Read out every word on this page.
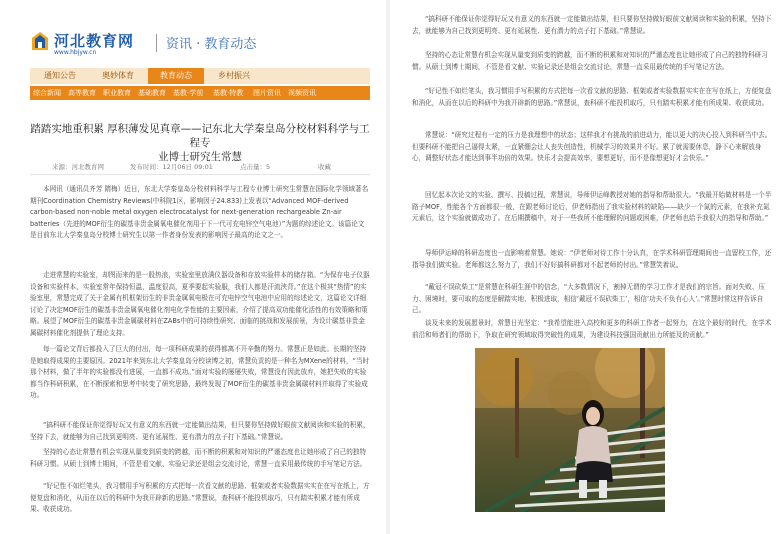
河北教育网
www.hbjyw.cn
资讯 · 教育动态
通知公告	奥妙体育	教育动态	乡村振兴
综合新闻 高等教育 职业教育 基础教育 基教·学前 基教·特教 图片资讯 视频资讯
踏踏实地重积累 厚积薄发见真章——记东北大学秦皇岛分校材料科学与工程专
业博士研究生常慧
来源：河北教育网	发布时间：12月06日 09:01	点击量：5	收藏

本网讯（通讯员齐芳 隋梅）近日，东北大学秦皇岛分校材料科学与工程专业博士研究生常慧在国际化学领域著名期刊Coordination Chemistry Reviews(中科院1区，影响因子24.833)上发表以“Advanced MOF-derived carbon-based non-noble metal oxygen electrocatalyst for next-generation rechargeable Zn-air batteries（先进的MOF衍生的碳基非贵金属氧电催化剂用于下一代可充电锌空气电池）”为题的综述论文。该篇论文是目前东北大学秦皇岛分校博士研究生以第一作者身份发表的影响因子最高的论文之一。

走进常慧的实验室，却图而来的是一股热浪，实验室里放满仪器设备和存放实验样本的储存箱。“为保存电子仪器设备和实验样本，实验室常年保持恒温，温度很高，夏季要起实验服，我们人都是汗流浃背。”在这个极其“热情”的实验室里，常慧完成了关于金属有机框架衍生的非贵金属氧电极在可充电锌空气电池中应用的综述论文，这篇论文详细讨论了决定MOF衍生的碳基非贵金属氧电催化剂电化学性能的主要因素，介绍了提高双功能催化活性的有效策略和策略。展望了MOF衍生的碳基非贵金属碳材料在ZABs中的可持续性研究、面临的挑战和发展前景，为设计碳基非贵金属碳材料催化剂提供了理论支持。

每一篇论文背后都投入了巨大的付出，每一项科研成果的获得都离不开辛勤的努力。常慧正是如此。长期的坚持是她取得成果的主要原因。2021年来到东北大学秦皇岛分校读博之初，常慧负责的是一种名为MXene的材料，“当时那个材料，做了半年的实验都没有进展，一直都不成功。”面对实验的屡屡失败，常慧没有因此放弃，她把失败的实验都当作科研积累，在不断探索和思考中转变了研究思路，最终发现了MOF衍生的碳基非贵金属碳材料并取得了实验成功。

“搞科研不能保证你觉得好玩又有意义的东西就一定能做出结果，但只要你坚持做好眼前文献阅读和实验的积累，坚持下去，就能够为自己找到更明亮、更有延展性、更有潜力的点子打下基础。”常慧说。

坚持的心态让常慧有机会实现从量变到质变的跨越，而不断的积累和对知识的严谨态度也让她形成了自己的独特科研习惯。从硕士到博士期间，不管是看文献、实验记录还是组会交流讨论，常慧一直采用最传统的手写笔记方法。

“好记性不如烂笔头，我习惯用手写积累的方式把每一次看文献的思路、框架或者实验数据实实在在写在纸上，方便复盘和消化，从而在以后的科研中为我开辟新的思路。”常慧说，查科研不能投机取巧，只有踏实积累才能有所成果、收获成功。

“搞科研不能保证你觉得好玩又有意义的东西就一定能做出结果，但只要你坚持做好眼前文献阅读和实验的积累，坚持下去，就能够为自己找到更明亮、更有延展性、更有潜力的点子打下基础。”常慧说。

坚持的心态让常慧有机会实现从量变到质变的跨越，而不断的积累和对知识的严谨态度也让她形成了自己的独特科研习惯。从硕士到博士期间，不管是看文献、实验记录还是组会交流讨论，常慧一直采用最传统的手写笔记方法。

“好记性不如烂笔头，我习惯用手写积累的方式把每一次看文献的思路、框架或者实验数据实实在在写在纸上，方便复盘和消化，从而在以后的科研中为我开辟新的思路。”常慧说，查科研不能投机取巧，只有踏实积累才能有所成果、收获成功。

常慧说：“研究过程有一定的压力是我理想中的状态；这样我才有挑战的前进动力，能以更大的决心投入到科研当中去。但要科研不能把自己逼得太紧，一直紧绷会让人丧失创造性，机械学习的效果并不好。累了就需要休息，静下心来解放身心，调整好状态才能达到事半功倍的效果。快乐才会提高效率，要想更好，而不是像想更好才会快乐。”

回忆起本次论文的实验、撰写、投稿过程，常慧说，导师伊运峰教授对她的指导和帮助很大。“我最开始做材料是一个半路子MOF，性能各个方面都很一般，在跟老师讨论后，伊老师指出了我实验材料的缺陷——缺少一个氮的元素，在我补充氮元素后，这个实验就做成功了。在后期撰稿中，对于一些我所不能理解的问题或困难，伊老师也给予我很大的指导和帮助。”

导师伊运峰的科研态度也一直影响着常慧。她说：“伊老师对待工作十分认真，在学术科研管理期间也一直留校工作，还指导我们做实验。老师都这么努力了，我们不好好搞科研都对不起老师的付出。”常慧笑着说。

“戴冠不误砍柴工”是常慧在科研生涯中的信念，“大多数情况下，割掉无谓的学习工作才是我们的宗旨。面对失败、压力、困境时，要可取的态度是解踏实地、积极进取，相信‘戴冠不误砍柴工’，相信‘功夫不负有心人’。”常慧时常这样告诉自己。

谈及未来的发展愿景时，常慧日光坚定：“我希望能进入高校和更多的科研工作者一起努力，在这个最好的时代，在学术前沿和师者们的帮助下，争取在研究领域取得突破性的成果，为建设科技强国贡献出力所能及的贡献。”
